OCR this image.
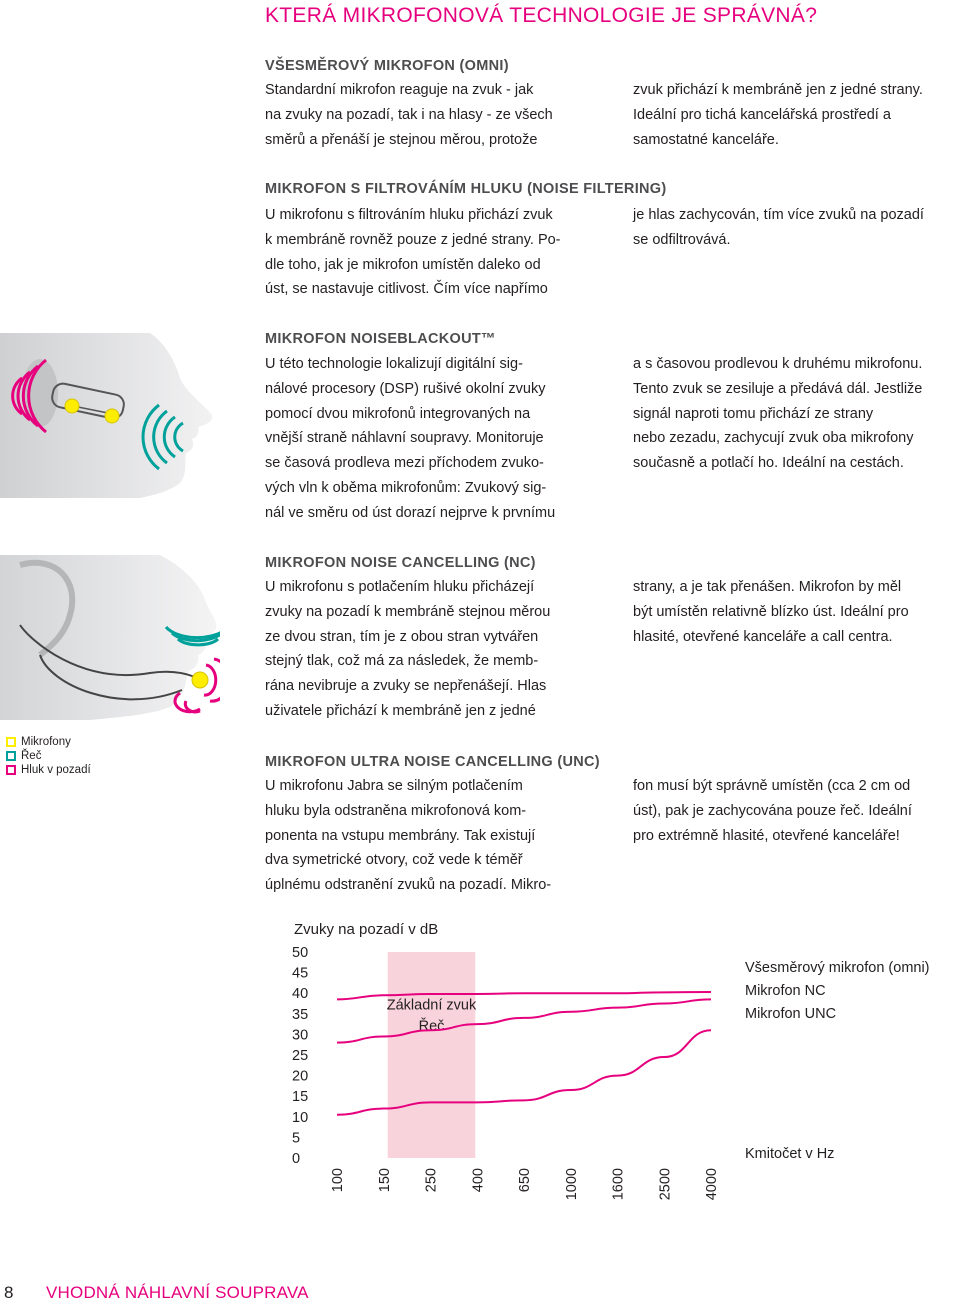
KTERÁ MIKROFONOVÁ TECHNOLOGIE JE SPRÁVNÁ?
VŠESMĚROVÝ MIKROFON (OMNI)
Standardní mikrofon reaguje na zvuk - jak
na zvuky na pozadí, tak i na hlasy - ze všech
směrů a přenáší je stejnou měrou, protože
zvuk přichází k membráně jen z jedné strany.
Ideální pro tichá kancelářská prostředí a
samostatné kanceláře.
MIKROFON S FILTROVÁNÍM HLUKU (NOISE FILTERING)
U mikrofonu s filtrováním hluku přichází zvuk
k membráně rovněž pouze z jedné strany. Po-
dle toho, jak je mikrofon umístěn daleko od
úst, se nastavuje citlivost. Čím více napřímo
je hlas zachycován, tím více zvuků na pozadí
se odfiltrovává.
MIKROFON NOISEBLACKOUT™
U této technologie lokalizují digitální sig-
nálové procesory (DSP) rušivé okolní zvuky
pomocí dvou mikrofonů integrovaných na
vnější straně náhlavní soupravy. Monitoruje
se časová prodleva mezi příchodem zvuko-
vých vln k oběma mikrofonům: Zvukový sig-
nál ve směru od úst dorazí nejprve k prvnímu
a s časovou prodlevou k druhému mikrofonu.
Tento zvuk se zesiluje a předává dál. Jestliže
signál naproti tomu přichází ze strany
nebo zezadu, zachycují zvuk oba mikrofony
současně a potlačí ho. Ideální na cestách.
MIKROFON NOISE CANCELLING (NC)
U mikrofonu s potlačením hluku přicházejí
zvuky na pozadí k membráně stejnou měrou
ze dvou stran, tím je z obou stran vytvářen
stejný tlak, což má za následek, že memb-
rána nevibruje a zvuky se nepřenášejí. Hlas
uživatele přichází k membráně jen z jedné
strany, a je tak přenášen. Mikrofon by měl
být umístěn relativně blízko úst. Ideální pro
hlasité, otevřené kanceláře a call centra.
MIKROFON ULTRA NOISE CANCELLING (UNC)
U mikrofonu Jabra se silným potlačením
hluku byla odstraněna mikrofonová kom-
ponenta na vstupu membrány. Tak existují
dva symetrické otvory, což vede k téměř
úplnému odstranění zvuků na pozadí. Mikro-
fon musí být správně umístěn (cca 2 cm od
úst), pak je zachycována pouze řeč. Ideální
pro extrémně hlasité, otevřené kanceláře!
Mikrofony
Řeč
Hluk v pozadí
Zvuky na pozadí v dB
Základní zvuk
Řeč
50
45
40
35
30
25
20
15
10
5
0
100 150 250 400 650 1000 1600 2500 4000
Všesměrový mikrofon (omni)
Mikrofon NC
Mikrofon UNC
Kmitočet v Hz
8 VHODNÁ NÁHLAVNÍ SOUPRAVA
